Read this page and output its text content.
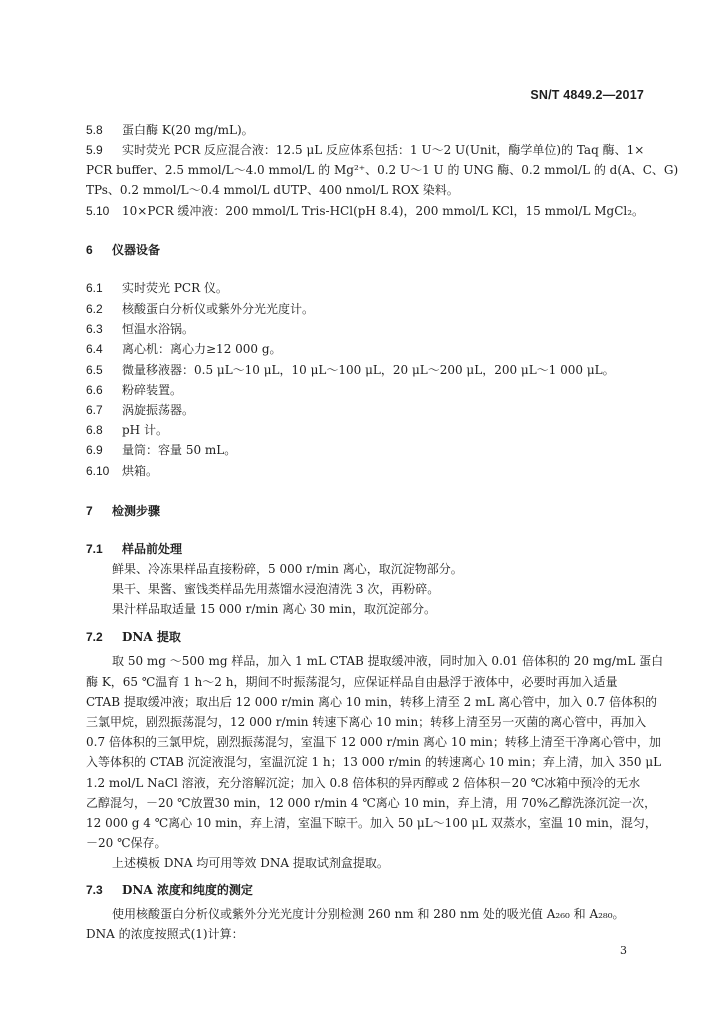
SN/T 4849.2—2017
5.8 蛋白酶 K(20 mg/mL)。
5.9 实时荧光 PCR 反应混合液：12.5 μL 反应体系包括：1 U～2 U(Unit，酶学单位)的 Taq 酶、1×
PCR buffer、2.5 mmol/L～4.0 mmol/L 的 Mg²⁺、0.2 U～1 U 的 UNG 酶、0.2 mmol/L 的 d(A、C、G)
TPs、0.2 mmol/L～0.4 mmol/L dUTP、400 nmol/L ROX 染料。
5.10 10×PCR 缓冲液：200 mmol/L Tris-HCl(pH 8.4)，200 mmol/L KCl，15 mmol/L MgCl₂。
6 仪器设备
6.1 实时荧光 PCR 仪。
6.2 核酸蛋白分析仪或紫外分光光度计。
6.3 恒温水浴锅。
6.4 离心机：离心力≥12 000 g。
6.5 微量移液器：0.5 μL～10 μL，10 μL～100 μL，20 μL～200 μL，200 μL～1 000 μL。
6.6 粉碎装置。
6.7 涡旋振荡器。
6.8 pH 计。
6.9 量筒：容量 50 mL。
6.10 烘箱。
7 检测步骤
7.1 样品前处理
鲜果、冷冻果样品直接粉碎，5 000 r/min 离心，取沉淀物部分。
果干、果酱、蜜饯类样品先用蒸馏水浸泡清洗 3 次，再粉碎。
果汁样品取适量 15 000 r/min 离心 30 min，取沉淀部分。
7.2 DNA 提取
取 50 mg ～500 mg 样品，加入 1 mL CTAB 提取缓冲液，同时加入 0.01 倍体积的 20 mg/mL 蛋白
酶 K，65 ℃温育 1 h～2 h，期间不时振荡混匀，应保证样品自由悬浮于液体中，必要时再加入适量
CTAB 提取缓冲液；取出后 12 000 r/min 离心 10 min，转移上清至 2 mL 离心管中，加入 0.7 倍体积的
三氯甲烷，剧烈振荡混匀，12 000 r/min 转速下离心 10 min；转移上清至另一灭菌的离心管中，再加入
0.7 倍体积的三氯甲烷，剧烈振荡混匀，室温下 12 000 r/min 离心 10 min；转移上清至干净离心管中，加
入等体积的 CTAB 沉淀液混匀，室温沉淀 1 h；13 000 r/min 的转速离心 10 min；弃上清，加入 350 μL
1.2 mol/L NaCl 溶液，充分溶解沉淀；加入 0.8 倍体积的异丙醇或 2 倍体积－20 ℃冰箱中预冷的无水
乙醇混匀，－20 ℃放置30 min，12 000 r/min 4 ℃离心 10 min，弃上清，用 70%乙醇洗涤沉淀一次，
12 000 g 4 ℃离心 10 min，弃上清，室温下晾干。加入 50 μL～100 μL 双蒸水，室温 10 min，混匀，
－20 ℃保存。
上述模板 DNA 均可用等效 DNA 提取试剂盒提取。
7.3 DNA 浓度和纯度的测定
使用核酸蛋白分析仪或紫外分光光度计分别检测 260 nm 和 280 nm 处的吸光值 A₂₆₀ 和 A₂₈₀。
DNA 的浓度按照式(1)计算：
3
